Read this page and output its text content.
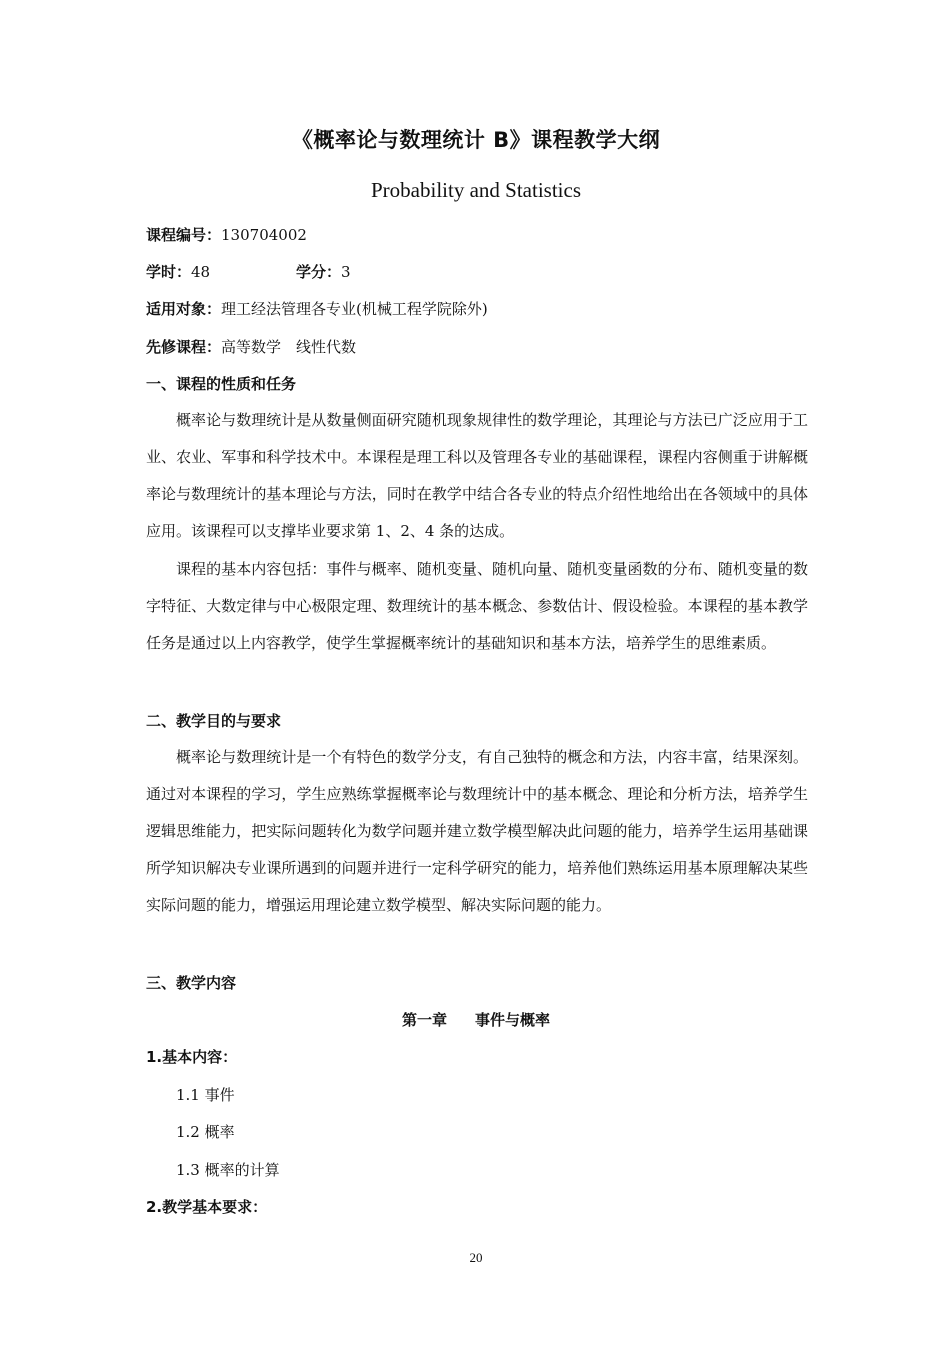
《概率论与数理统计 B》课程教学大纲
Probability and Statistics
课程编号：130704002
学时：48	学分：3
适用对象：理工经法管理各专业(机械工程学院除外)
先修课程：高等数学　线性代数
一、课程的性质和任务

概率论与数理统计是从数量侧面研究随机现象规律性的数学理论，其理论与方法已广泛应用于工业、农业、军事和科学技术中。本课程是理工科以及管理各专业的基础课程，课程内容侧重于讲解概率论与数理统计的基本理论与方法，同时在教学中结合各专业的特点介绍性地给出在各领域中的具体应用。该课程可以支撑毕业要求第 1、2、4 条的达成。

课程的基本内容包括：事件与概率、随机变量、随机向量、随机变量函数的分布、随机变量的数字特征、大数定律与中心极限定理、数理统计的基本概念、参数估计、假设检验。本课程的基本教学任务是通过以上内容教学，使学生掌握概率统计的基础知识和基本方法，培养学生的思维素质。

二、教学目的与要求

概率论与数理统计是一个有特色的数学分支，有自己独特的概念和方法，内容丰富，结果深刻。通过对本课程的学习，学生应熟练掌握概率论与数理统计中的基本概念、理论和分析方法，培养学生逻辑思维能力，把实际问题转化为数学问题并建立数学模型解决此问题的能力，培养学生运用基础课所学知识解决专业课所遇到的问题并进行一定科学研究的能力，培养他们熟练运用基本原理解决某些实际问题的能力，增强运用理论建立数学模型、解决实际问题的能力。

三、教学内容
第一章 事件与概率
1.基本内容：
1.1 事件
1.2 概率
1.3 概率的计算
2.教学基本要求：
20
